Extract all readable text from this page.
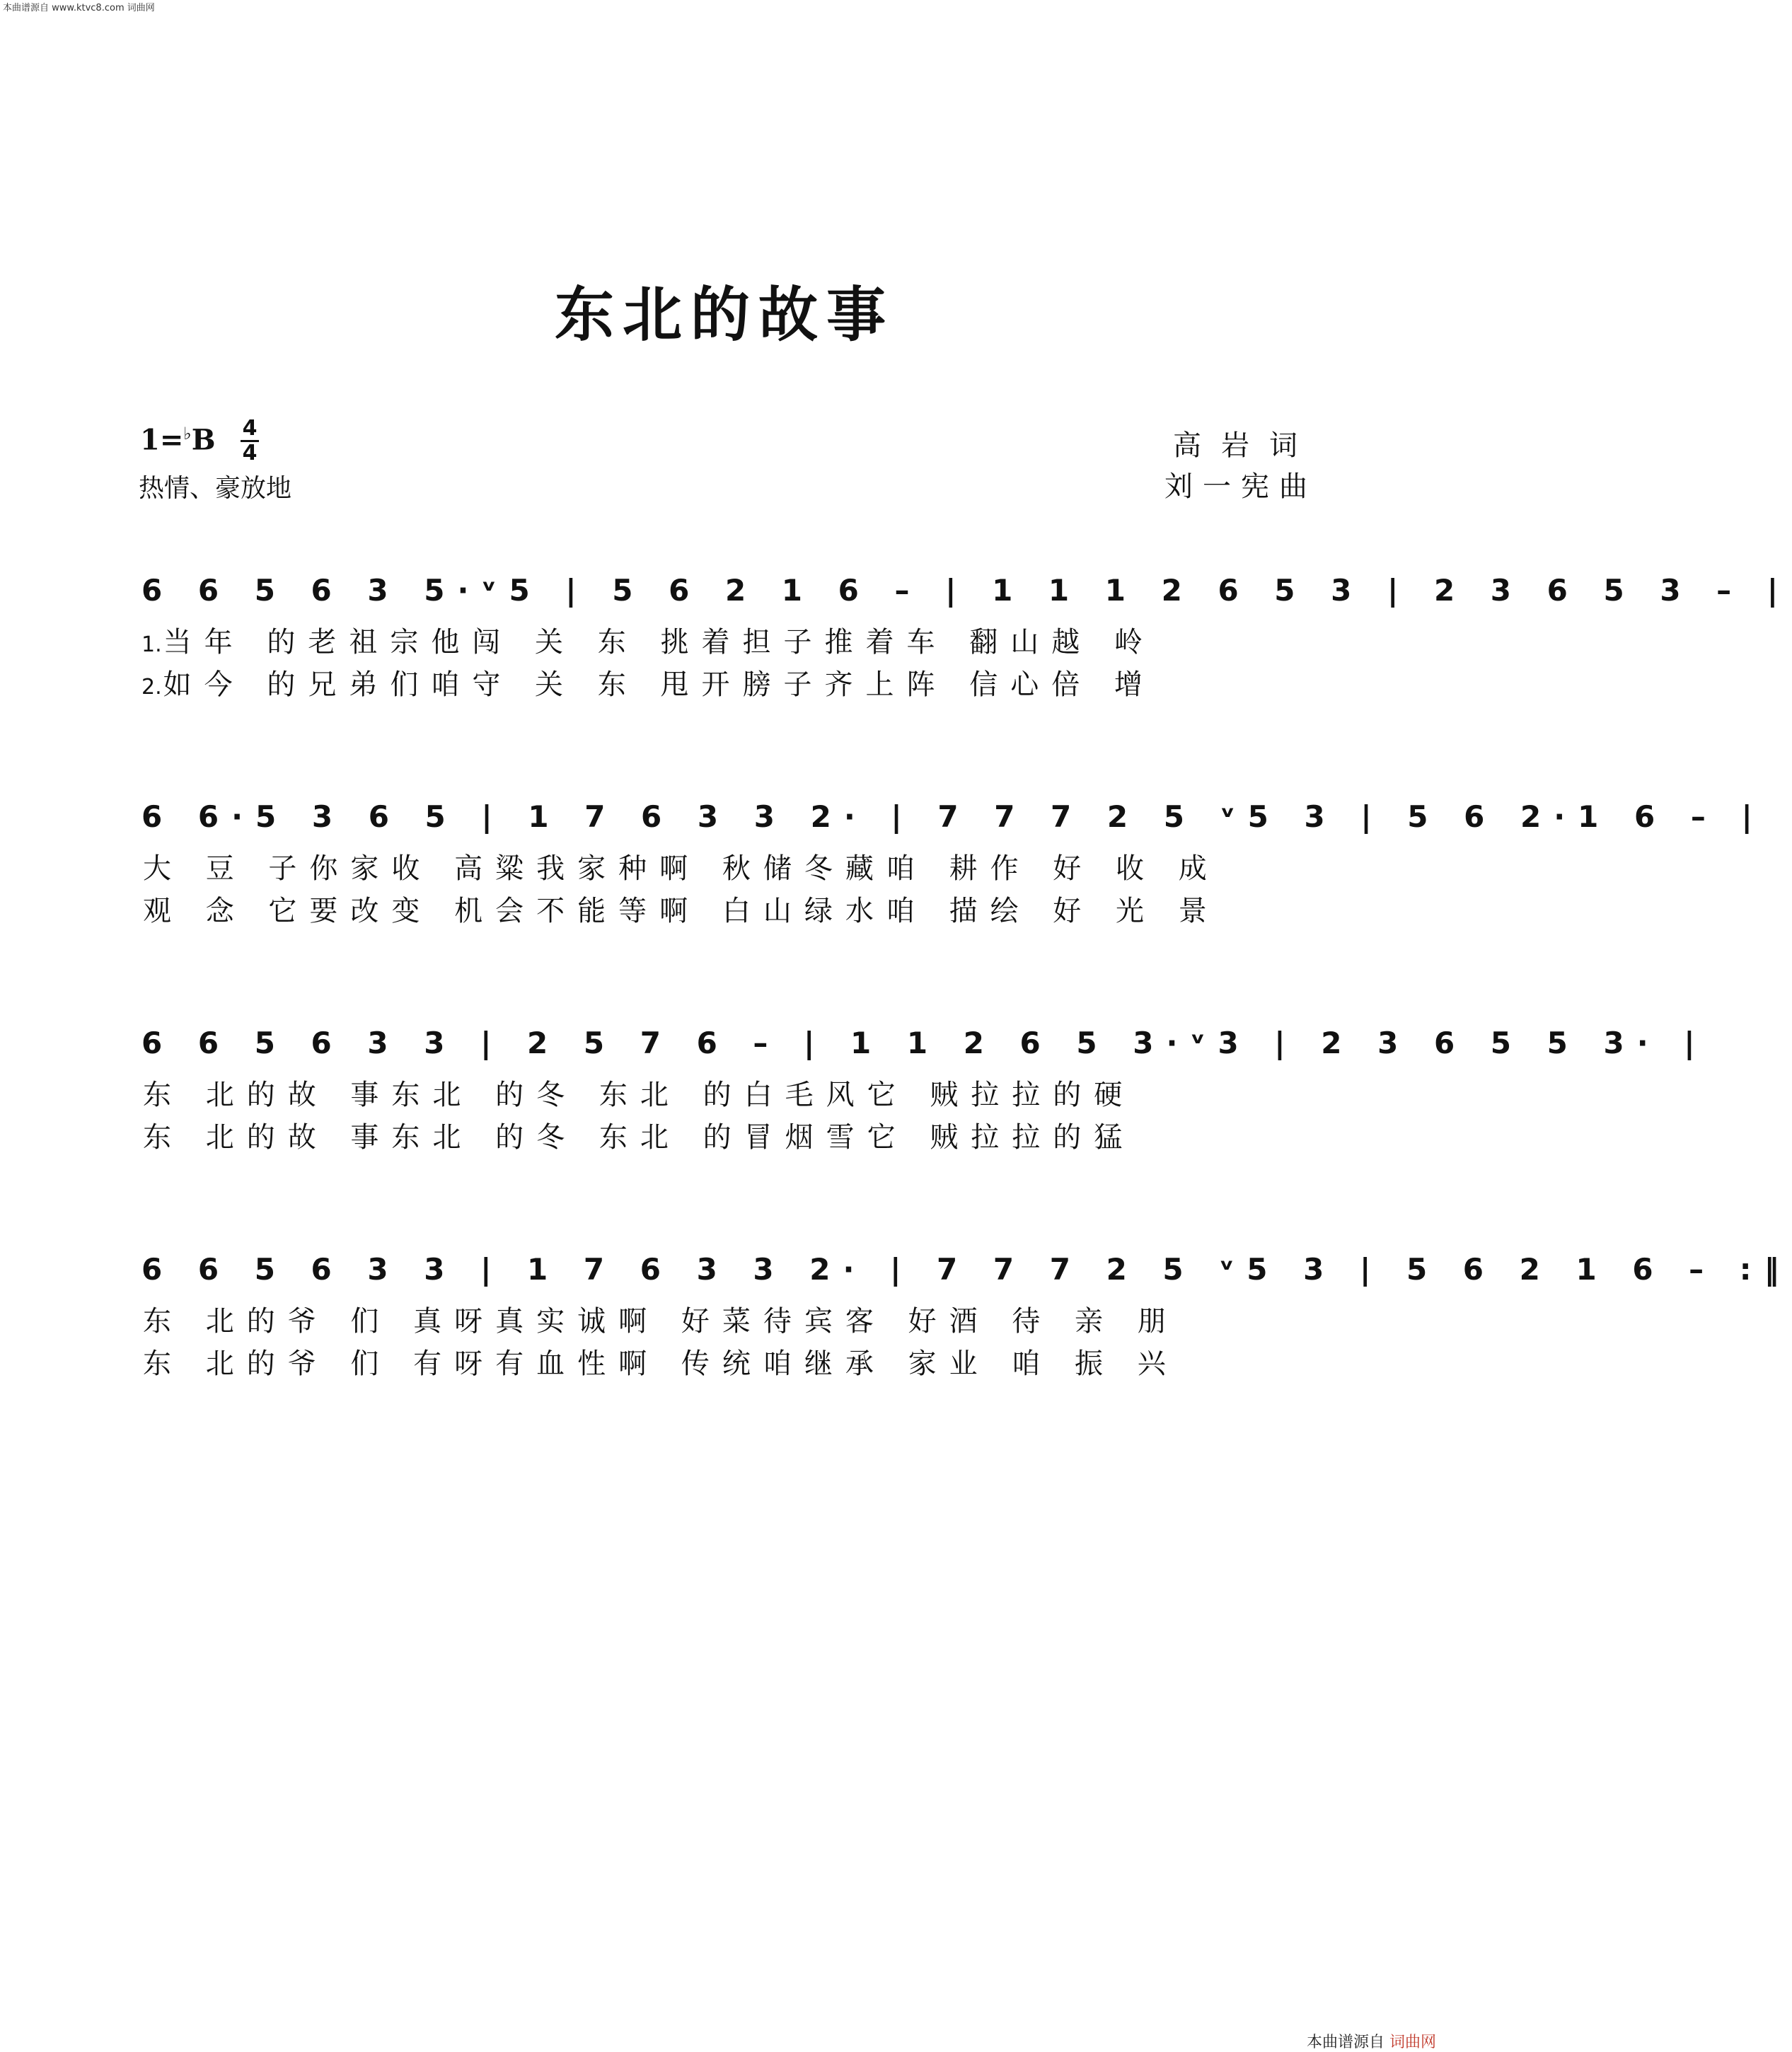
本曲谱源自 www.ktvc8.com 词曲网
东北的故事
1=♭B 4
4
热情、豪放地
高岩词
刘一宪曲
6 6 5 6 3 5·ᵛ5 | 5 6 2 1 6 – | 1 1 1 2 6 5 3 | 2 3 6 5 3 – |
1.当年 的老祖宗他闯 关 东 挑着担子推着车 翻山越 岭
2.如今 的兄弟们咱守 关 东 甩开膀子齐上阵 信心倍 增
6 6·5 3 6 5 | 1 7 6 3 3 2· | 7 7 7 2 5 ᵛ5 3 | 5 6 2·1 6 – |
大 豆 子你家收 高粱我家种啊 秋储冬藏咱 耕作 好 收 成
观 念 它要改变 机会不能等啊 白山绿水咱 描绘 好 光 景
6 6 5 6 3 3 | 2 5 7 6 – | 1 1 2 6 5 3·ᵛ3 | 2 3 6 5 5 3· |
东 北的故 事东北 的冬 东北 的白毛风它 贼拉拉的硬
东 北的故 事东北 的冬 东北 的冒烟雪它 贼拉拉的猛
6 6 5 6 3 3 | 1 7 6 3 3 2· | 7 7 7 2 5 ᵛ5 3 | 5 6 2 1 6 – :‖
东 北的爷 们 真呀真实诚啊 好菜待宾客 好酒 待 亲 朋
东 北的爷 们 有呀有血性啊 传统咱继承 家业 咱 振 兴
本曲谱源自 词曲网
